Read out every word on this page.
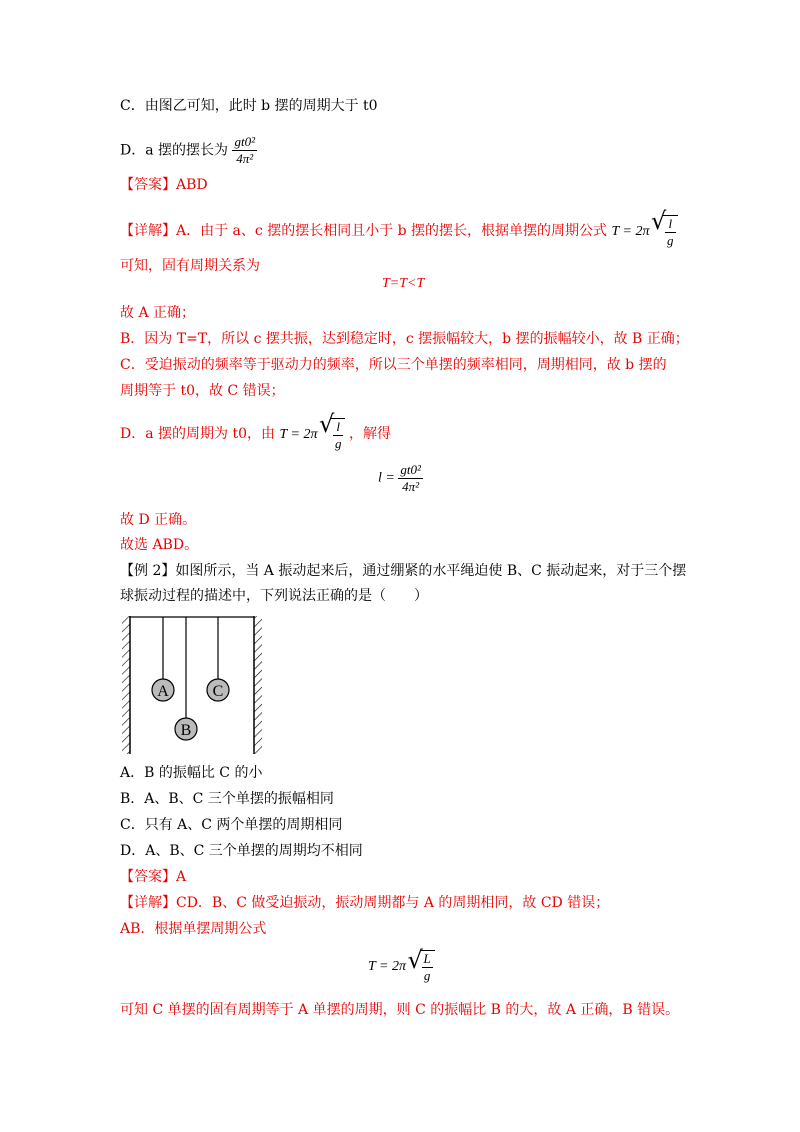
C．由图乙可知，此时 b 摆的周期大于 t0
D．a 摆的摆长为 $\frac{\text{gt0²}}{\text{4π²}}$
【答案】ABD
【详解】A．由于 a、c 摆的摆长相同且小于 b 摆的摆长，根据单摆的周期公式 T = 2π √ $\frac{l}{g}$
可知，固有周期关系为
T=T<T
故 A 正确；
B．因为 T=T，所以 c 摆共振，达到稳定时，c 摆振幅较大，b 摆的振幅较小，故 B 正确；
C．受迫振动的频率等于驱动力的频率，所以三个单摆的频率相同，周期相同，故 b 摆的
周期等于 t0，故 C 错误；
D．a 摆的周期为 t0，由 T = 2π √ $\frac{l}{g}$ ，解得
$l = \frac{\text{gt0²}}{\text{4π²}}$
故 D 正确。
故选 ABD。
【例 2】如图所示，当 A 振动起来后，通过绷紧的水平绳迫使 B、C 振动起来，对于三个摆
球振动过程的描述中，下列说法正确的是（　　）
A
B
C
A．B 的振幅比 C 的小
B．A、B、C 三个单摆的振幅相同
C．只有 A、C 两个单摆的周期相同
D．A、B、C 三个单摆的周期均不相同
【答案】A
【详解】CD．B、C 做受迫振动，振动周期都与 A 的周期相同，故 CD 错误；
AB．根据单摆周期公式
T = 2π √ $\frac{L}{g}$
可知 C 单摆的固有周期等于 A 单摆的周期，则 C 的振幅比 B 的大，故 A 正确，B 错误。
